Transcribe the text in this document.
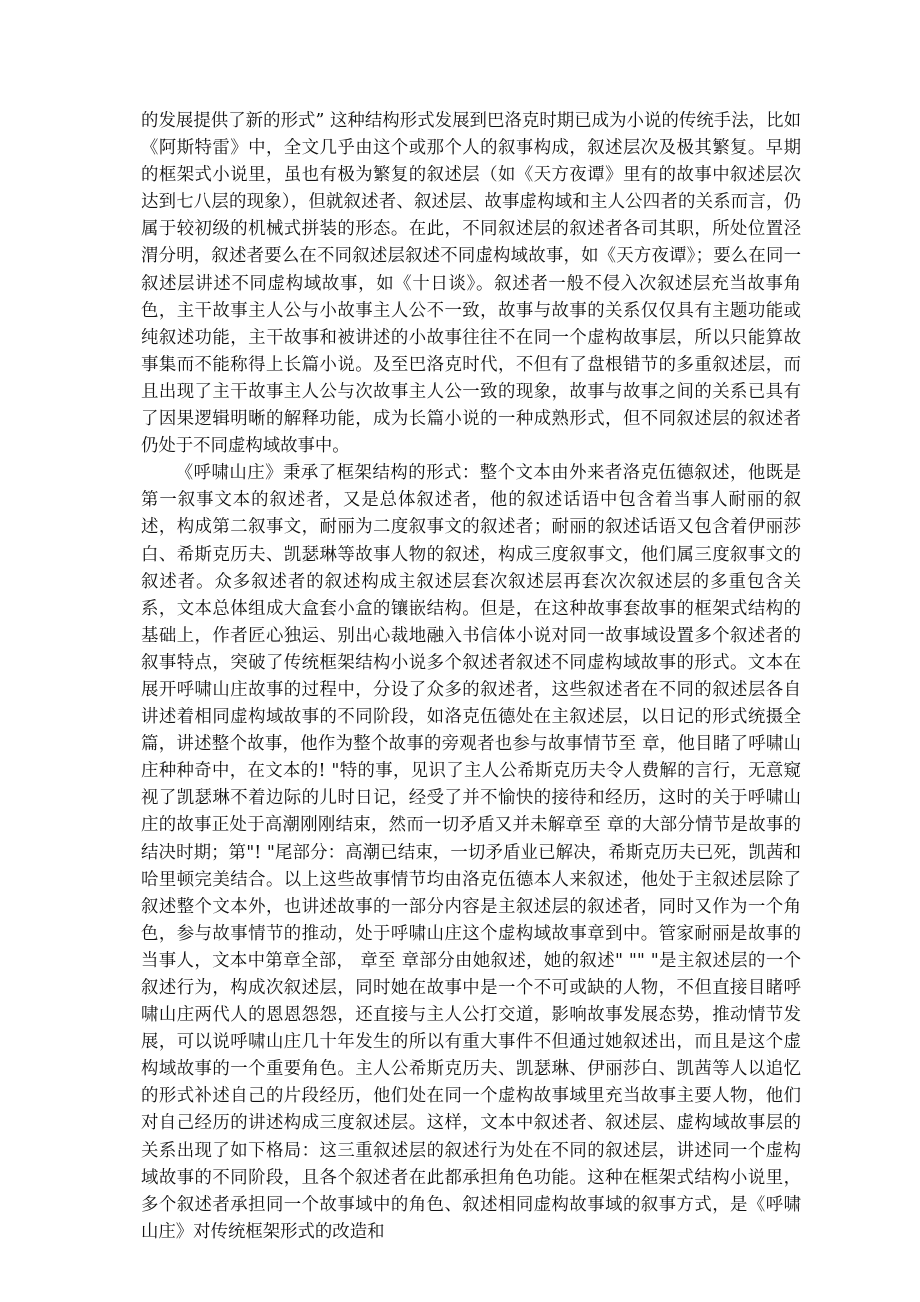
的发展提供了新的形式” 这种结构形式发展到巴洛克时期已成为小说的传统手法，比如《阿斯特雷》中，全文几乎由这个或那个人的叙事构成，叙述层次及极其繁复。早期的框架式小说里，虽也有极为繁复的叙述层（如《天方夜谭》里有的故事中叙述层次达到七八层的现象），但就叙述者、叙述层、故事虚构域和主人公四者的关系而言，仍属于较初级的机械式拼装的形态。在此，不同叙述层的叙述者各司其职，所处位置泾渭分明，叙述者要么在不同叙述层叙述不同虚构域故事，如《天方夜谭》；要么在同一叙述层讲述不同虚构域故事，如《十日谈》。叙述者一般不侵入次叙述层充当故事角色，主干故事主人公与小故事主人公不一致，故事与故事的关系仅仅具有主题功能或纯叙述功能，主干故事和被讲述的小故事往往不在同一个虚构故事层，所以只能算故事集而不能称得上长篇小说。及至巴洛克时代，不但有了盘根错节的多重叙述层，而且出现了主干故事主人公与次故事主人公一致的现象，故事与故事之间的关系已具有了因果逻辑明晰的解释功能，成为长篇小说的一种成熟形式，但不同叙述层的叙述者仍处于不同虚构域故事中。

《呼啸山庄》秉承了框架结构的形式：整个文本由外来者洛克伍德叙述，他既是第一叙事文本的叙述者，又是总体叙述者，他的叙述话语中包含着当事人耐丽的叙述，构成第二叙事文，耐丽为二度叙事文的叙述者；耐丽的叙述话语又包含着伊丽莎白、希斯克历夫、凯瑟琳等故事人物的叙述，构成三度叙事文，他们属三度叙事文的叙述者。众多叙述者的叙述构成主叙述层套次叙述层再套次次叙述层的多重包含关系，文本总体组成大盒套小盒的镶嵌结构。但是，在这种故事套故事的框架式结构的基础上，作者匠心独运、别出心裁地融入书信体小说对同一故事域设置多个叙述者的叙事特点，突破了传统框架结构小说多个叙述者叙述不同虚构域故事的形式。文本在展开呼啸山庄故事的过程中，分设了众多的叙述者，这些叙述者在不同的叙述层各自讲述着相同虚构域故事的不同阶段，如洛克伍德处在主叙述层，以日记的形式统摄全篇，讲述整个故事，他作为整个故事的旁观者也参与故事情节至 章，他目睹了呼啸山庄种种奇中，在文本的! "特的事，见识了主人公希斯克历夫令人费解的言行，无意窥视了凯瑟琳不着边际的儿时日记，经受了并不愉快的接待和经历，这时的关于呼啸山庄的故事正处于高潮刚刚结束，然而一切矛盾又并未解章至 章的大部分情节是故事的结决时期；第"! "尾部分：高潮已结束，一切矛盾业已解决，希斯克历夫已死，凯茜和哈里顿完美结合。以上这些故事情节均由洛克伍德本人来叙述，他处于主叙述层除了叙述整个文本外，也讲述故事的一部分内容是主叙述层的叙述者，同时又作为一个角色，参与故事情节的推动，处于呼啸山庄这个虚构域故事章到中。管家耐丽是故事的当事人，文本中第章全部， 章至 章部分由她叙述，她的叙述" "" "是主叙述层的一个叙述行为，构成次叙述层，同时她在故事中是一个不可或缺的人物，不但直接目睹呼啸山庄两代人的恩恩怨怨，还直接与主人公打交道，影响故事发展态势，推动情节发展，可以说呼啸山庄几十年发生的所以有重大事件不但通过她叙述出，而且是这个虚构域故事的一个重要角色。主人公希斯克历夫、凯瑟琳、伊丽莎白、凯茜等人以追忆的形式补述自己的片段经历，他们处在同一个虚构故事域里充当故事主要人物，他们对自己经历的讲述构成三度叙述层。这样，文本中叙述者、叙述层、虚构域故事层的关系出现了如下格局：这三重叙述层的叙述行为处在不同的叙述层，讲述同一个虚构域故事的不同阶段，且各个叙述者在此都承担角色功能。这种在框架式结构小说里，多个叙述者承担同一个故事域中的角色、叙述相同虚构故事域的叙事方式，是《呼啸山庄》对传统框架形式的改造和
